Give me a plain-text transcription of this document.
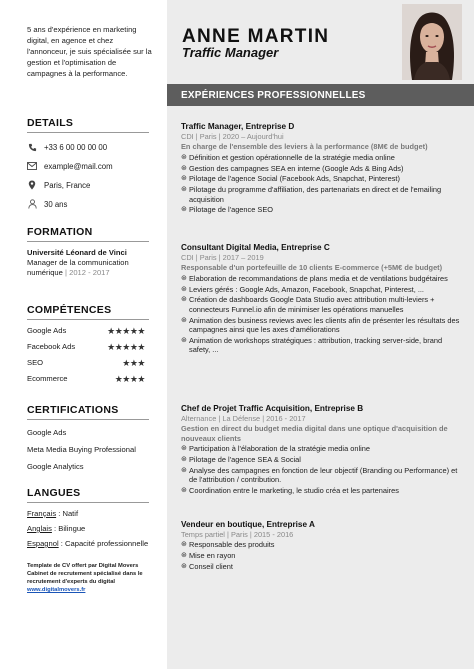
5 ans d'expérience en marketing digital, en agence et chez l'annonceur, je suis spécialisée sur la gestion et l'optimisation de campagnes à la performance.

DETAILS
+33 6 00 00 00 00
example@mail.com
Paris, France
30 ans
FORMATION
Université Léonard de Vinci
Manager de la communication numérique | 2012 - 2017
COMPÉTENCES
Google Ads	★★★★★
Facebook Ads	★★★★★
SEO	★★★
Ecommerce	★★★★
CERTIFICATIONS
Google Ads
Meta Media Buying Professional
Google Analytics
LANGUES
Français : Natif
Anglais : Bilingue
Espagnol : Capacité professionnelle
Template de CV offert par Digital Movers Cabinet de recrutement spécialisé dans le recrutement d'experts du digital
www.digitalmovers.fr
ANNE MARTIN
Traffic Manager
EXPÉRIENCES PROFESSIONNELLES
Traffic Manager, Entreprise D
CDI | Paris | 2020 – Aujourd'hui
En charge de l'ensemble des leviers à la performance (8M€ de budget)
⊛ Définition et gestion opérationnelle de la stratégie media online
⊛ Gestion des campagnes SEA en interne (Google Ads & Bing Ads)
⊛ Pilotage de l'agence Social (Facebook Ads, Snapchat, Pinterest)
⊛ Pilotage du programme d'affiliation, des partenariats en direct et de l'emailing acquisition
⊛ Pilotage de l'agence SEO
Consultant Digital Media, Entreprise C
CDI | Paris | 2017 – 2019
Responsable d'un portefeuille de 10 clients E-commerce (+5M€ de budget)
⊛ Elaboration de recommandations de plans media et de ventilations budgétaires
⊛ Leviers gérés : Google Ads, Amazon, Facebook, Snapchat, Pinterest, ...
⊛ Création de dashboards Google Data Studio avec attribution multi-leviers + connecteurs Funnel.io afin de minimiser les opérations manuelles
⊛ Animation des business reviews avec les clients afin de présenter les résultats des campagnes ainsi que les axes d'améliorations
⊛ Animation de workshops stratégiques : attribution, tracking server-side, brand safety, ...
Chef de Projet Traffic Acquisition, Entreprise B
Alternance | La Défense | 2016 - 2017
Gestion en direct du budget media digital dans une optique d'acquisition de nouveaux clients
⊛ Participation à l'élaboration de la stratégie media online
⊛ Pilotage de l'agence SEA & Social
⊛ Analyse des campagnes en fonction de leur objectif (Branding ou Performance) et de l'attribution / contribution.
⊛ Coordination entre le marketing, le studio créa et les partenaires
Vendeur en boutique, Entreprise A
Temps partiel | Paris | 2015 - 2016
⊛ Responsable des produits
⊛ Mise en rayon
⊛ Conseil client
